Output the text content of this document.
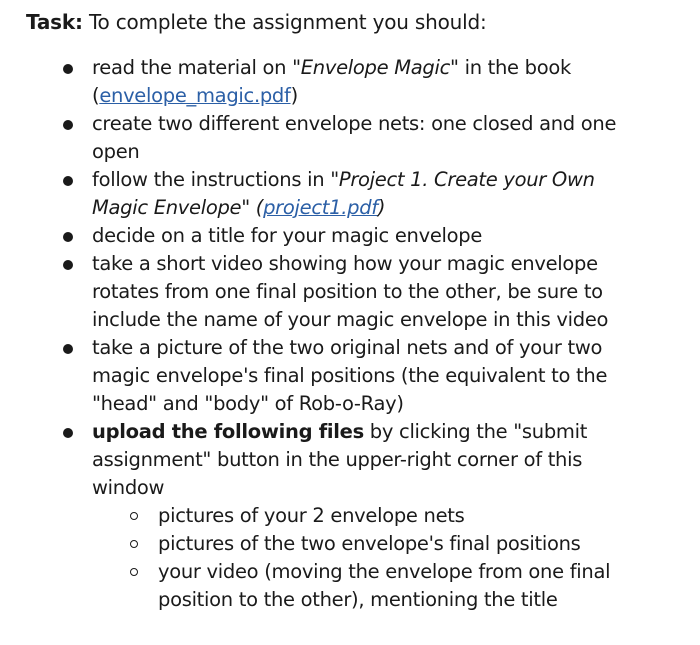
Task: To complete the assignment you should:
read the material on "Envelope Magic" in the book
(envelope_magic.pdf)
create two different envelope nets: one closed and one open
follow the instructions in "Project 1. Create your Own Magic Envelope" (project1.pdf)
decide on a title for your magic envelope
take a short video showing how your magic envelope rotates from one final position to the other, be sure to include the name of your magic envelope in this video
take a picture of the two original nets and of your two magic envelope's final positions (the equivalent to the "head" and "body" of Rob-o-Ray)
upload the following files by clicking the "submit assignment" button in the upper-right corner of this window
pictures of your 2 envelope nets
pictures of the two envelope's final positions
your video (moving the envelope from one final position to the other), mentioning the title
